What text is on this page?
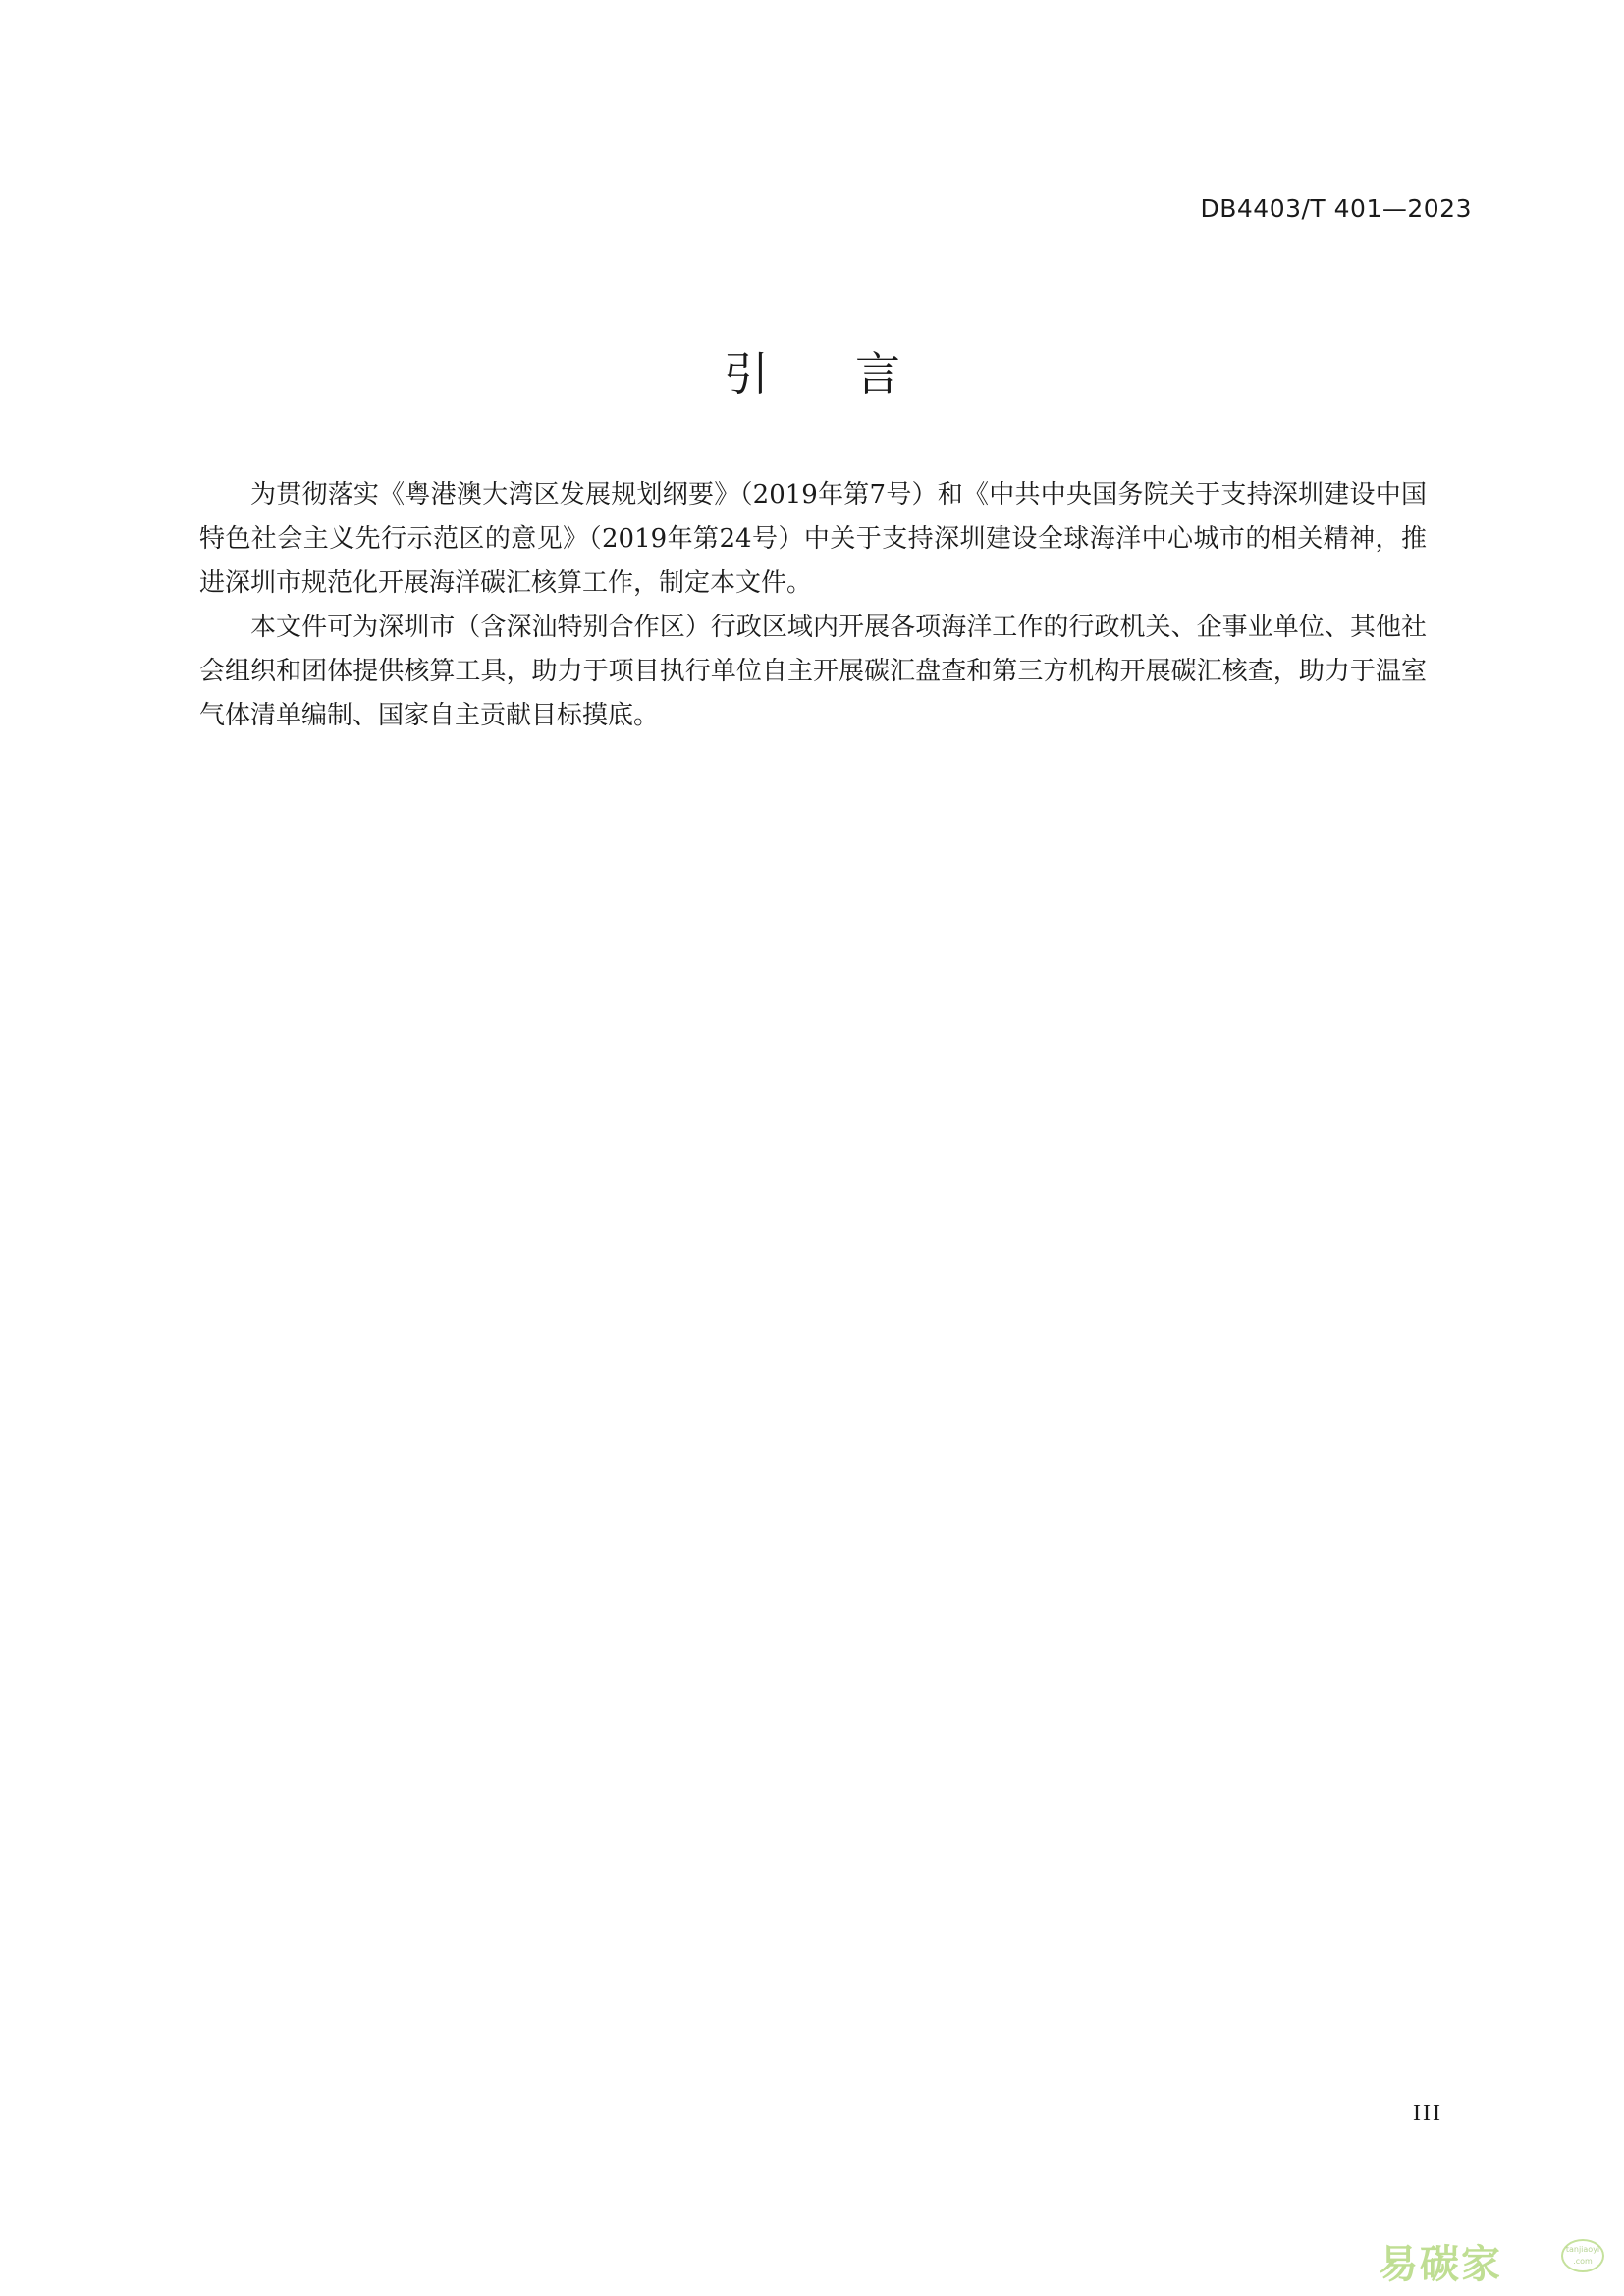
DB4403/T 401—2023
引言

为贯彻落实《粤港澳大湾区发展规划纲要》（2019年第7号）和《中共中央国务院关于支持深圳建设中国特色社会主义先行示范区的意见》（2019年第24号）中关于支持深圳建设全球海洋中心城市的相关精神，推进深圳市规范化开展海洋碳汇核算工作，制定本文件。

本文件可为深圳市（含深汕特别合作区）行政区域内开展各项海洋工作的行政机关、企事业单位、其他社会组织和团体提供核算工具，助力于项目执行单位自主开展碳汇盘查和第三方机构开展碳汇核查，助力于温室气体清单编制、国家自主贡献目标摸底。

III
易碳家	tanjiaoyi .com
